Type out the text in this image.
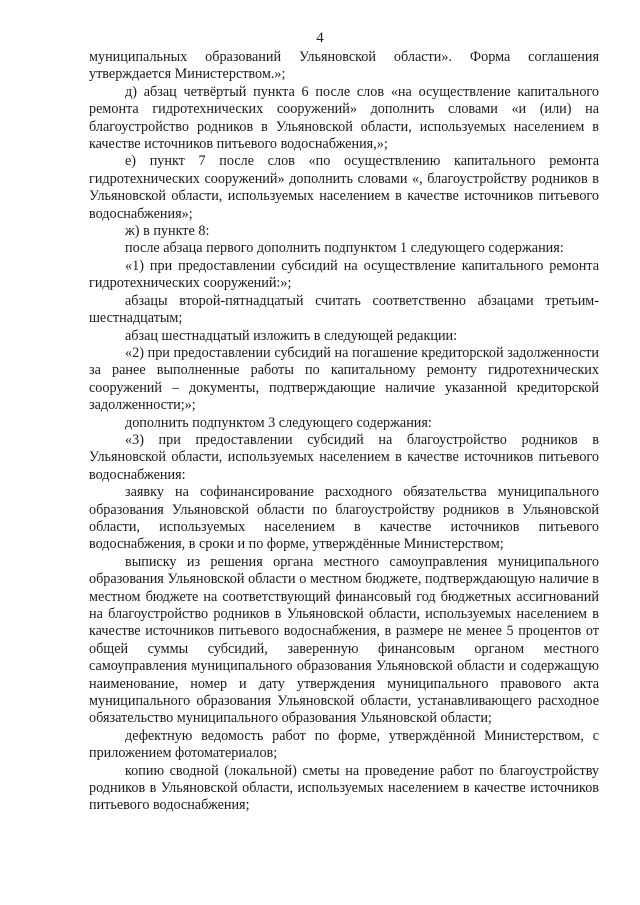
4

муниципальных образований Ульяновской области». Форма соглашения утверждается Министерством.»;

д) абзац четвёртый пункта 6 после слов «на осуществление капитального ремонта гидротехнических сооружений» дополнить словами «и (или) на благоустройство родников в Ульяновской области, используемых населением в качестве источников питьевого водоснабжения,»;

е) пункт 7 после слов «по осуществлению капитального ремонта гидротехнических сооружений» дополнить словами «, благоустройству родников в Ульяновской области, используемых населением в качестве источников питьевого водоснабжения»;

ж) в пункте 8:

после абзаца первого дополнить подпунктом 1 следующего содержания:

«1) при предоставлении субсидий на осуществление капитального ремонта гидротехнических сооружений:»;

абзацы второй-пятнадцатый считать соответственно абзацами третьим-шестнадцатым;

абзац шестнадцатый изложить в следующей редакции:

«2) при предоставлении субсидий на погашение кредиторской задолженности за ранее выполненные работы по капитальному ремонту гидротехнических сооружений – документы, подтверждающие наличие указанной кредиторской задолженности;»;

дополнить подпунктом 3 следующего содержания:

«3) при предоставлении субсидий на благоустройство родников в Ульяновской области, используемых населением в качестве источников питьевого водоснабжения:

заявку на софинансирование расходного обязательства муниципального образования Ульяновской области по благоустройству родников в Ульяновской области, используемых населением в качестве источников питьевого водоснабжения, в сроки и по форме, утверждённые Министерством;

выписку из решения органа местного самоуправления муниципального образования Ульяновской области о местном бюджете, подтверждающую наличие в местном бюджете на соответствующий финансовый год бюджетных ассигнований на благоустройство родников в Ульяновской области, используемых населением в качестве источников питьевого водоснабжения, в размере не менее 5 процентов от общей суммы субсидий, заверенную финансовым органом местного самоуправления муниципального образования Ульяновской области и содержащую наименование, номер и дату утверждения муниципального правового акта муниципального образования Ульяновской области, устанавливающего расходное обязательство муниципального образования Ульяновской области;

дефектную ведомость работ по форме, утверждённой Министерством, с приложением фотоматериалов;

копию сводной (локальной) сметы на проведение работ по благоустройству родников в Ульяновской области, используемых населением в качестве источников питьевого водоснабжения;
